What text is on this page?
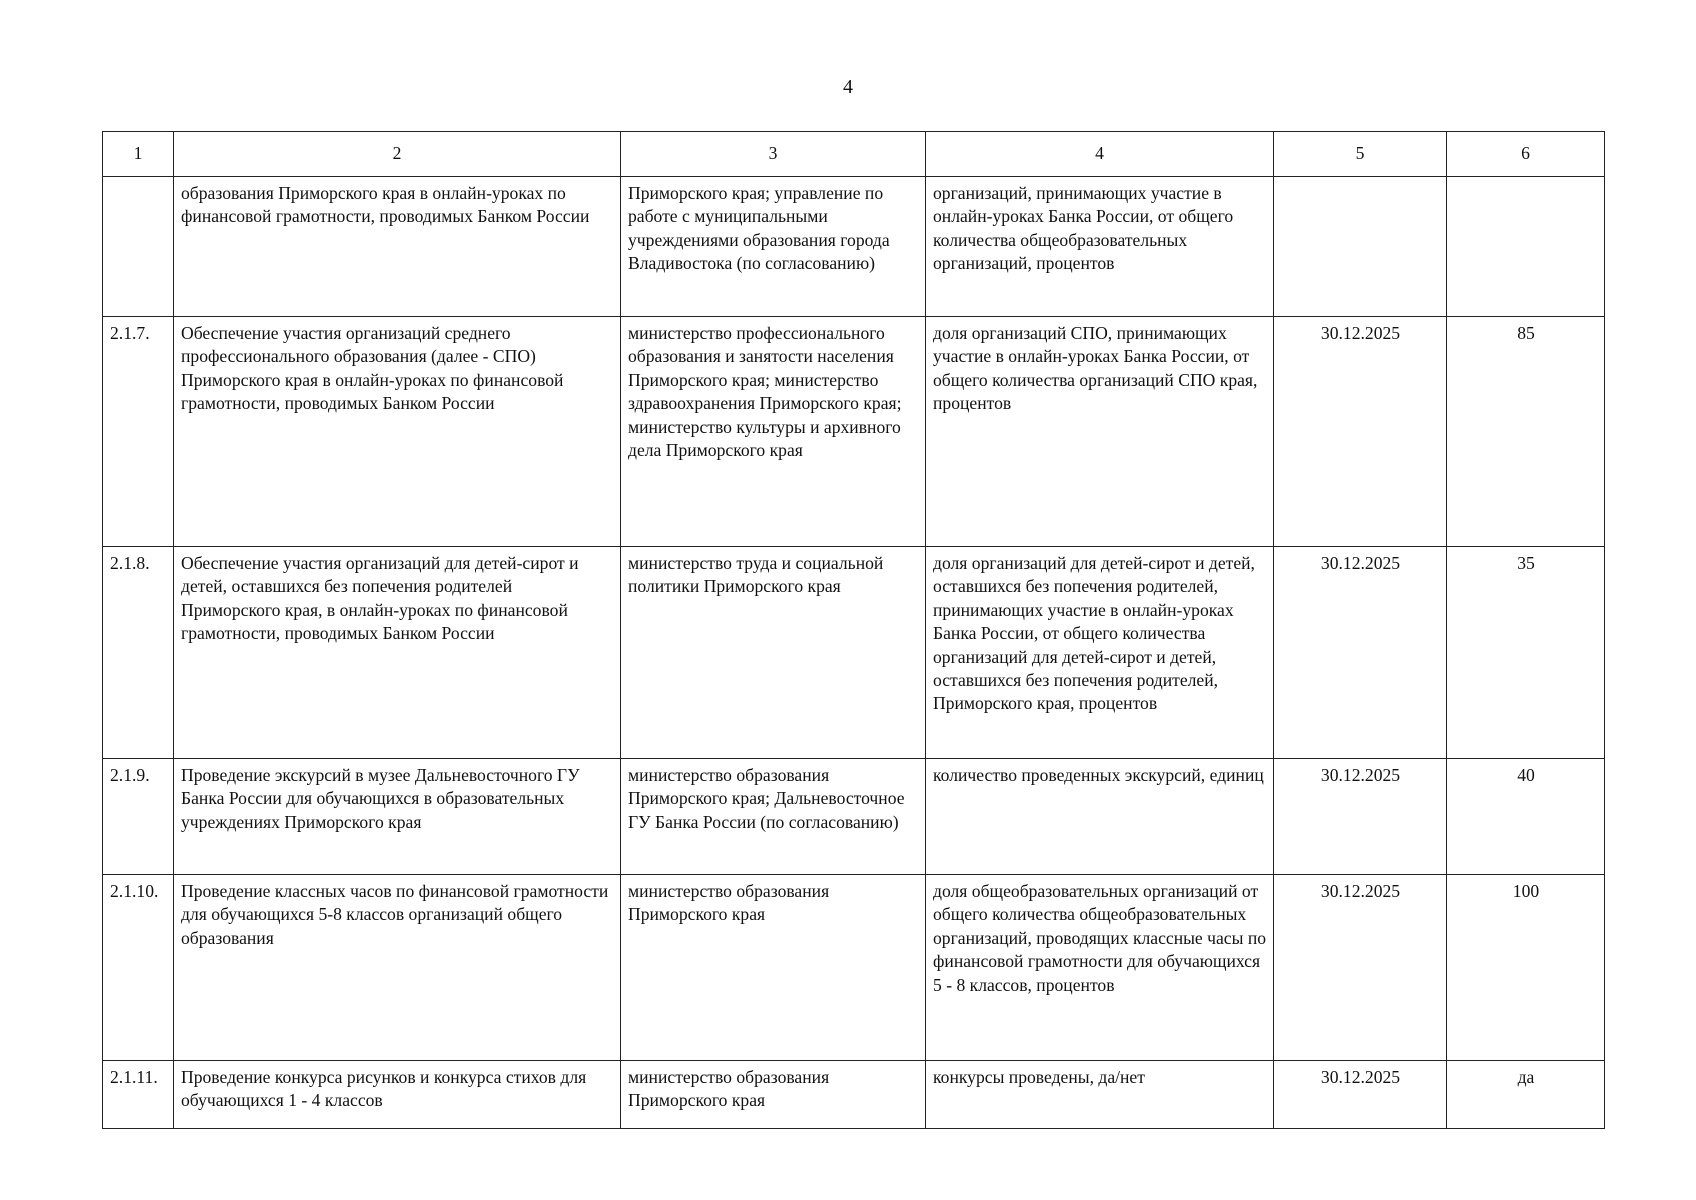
4
1	2	3	4	5	6
	образования Приморского края в онлайн-уроках по финансовой грамотности, проводимых Банком России	Приморского края; управление по работе с муниципальными учреждениями образования города Владивостока (по согласованию)	организаций, принимающих участие в онлайн-уроках Банка России, от общего количества общеобразовательных организаций, процентов		
2.1.7.	Обеспечение участия организаций среднего профессионального образования (далее - СПО) Приморского края в онлайн-уроках по финансовой грамотности, проводимых Банком России	министерство профессионального образования и занятости населения Приморского края; министерство здравоохранения Приморского края; министерство культуры и архивного дела Приморского края	доля организаций СПО, принимающих участие в онлайн-уроках Банка России, от общего количества организаций СПО края, процентов	30.12.2025	85
2.1.8.	Обеспечение участия организаций для детей-сирот и детей, оставшихся без попечения родителей Приморского края, в онлайн-уроках по финансовой грамотности, проводимых Банком России	министерство труда и социальной политики Приморского края	доля организаций для детей-сирот и детей, оставшихся без попечения родителей, принимающих участие в онлайн-уроках Банка России, от общего количества организаций для детей-сирот и детей, оставшихся без попечения родителей, Приморского края, процентов	30.12.2025	35
2.1.9.	Проведение экскурсий в музее Дальневосточного ГУ Банка России для обучающихся в образовательных учреждениях Приморского края	министерство образования Приморского края; Дальневосточное ГУ Банка России (по согласованию)	количество проведенных экскурсий, единиц	30.12.2025	40
2.1.10.	Проведение классных часов по финансовой грамотности для обучающихся 5-8 классов организаций общего образования	министерство образования Приморского края	доля общеобразовательных организаций от общего количества общеобразовательных организаций, проводящих классные часы по финансовой грамотности для обучающихся 5 - 8 классов, процентов	30.12.2025	100
2.1.11.	Проведение конкурса рисунков и конкурса стихов для обучающихся 1 - 4 классов	министерство образования Приморского края	конкурсы проведены, да/нет	30.12.2025	да
